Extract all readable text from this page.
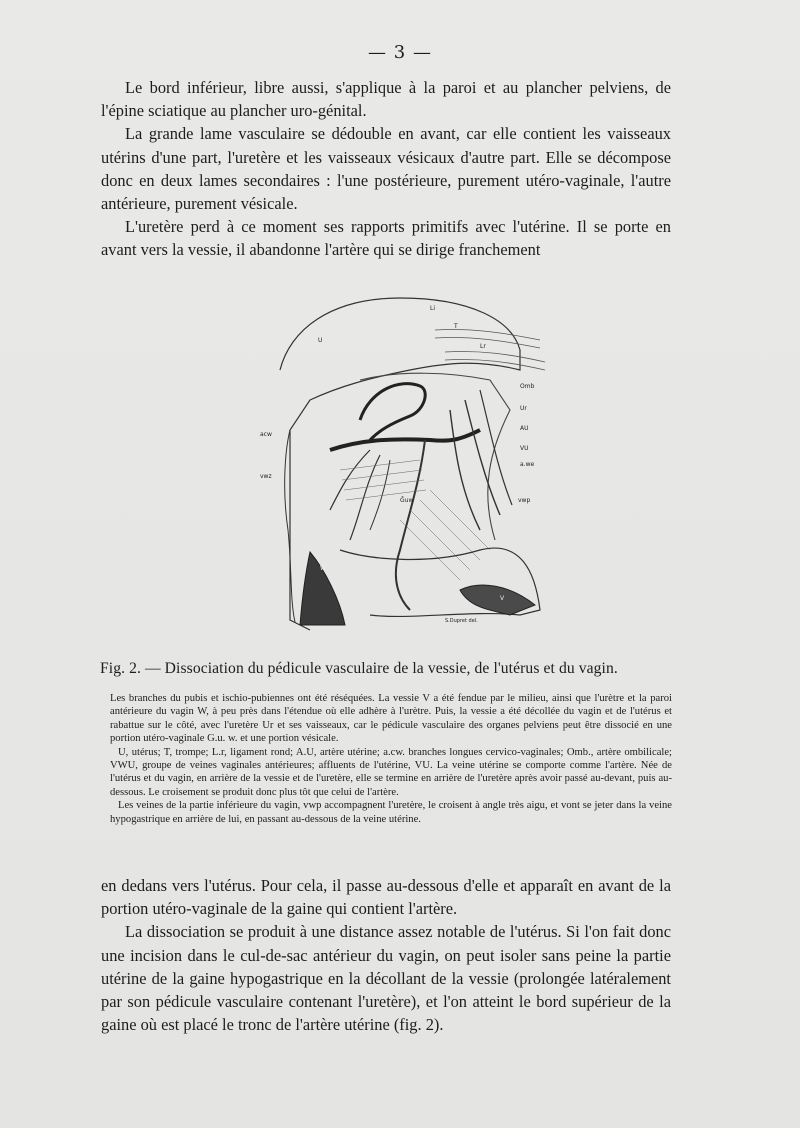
— 3 —

Le bord inférieur, libre aussi, s'applique à la paroi et au plancher pelviens, de l'épine sciatique au plancher uro-génital.

La grande lame vasculaire se dédouble en avant, car elle contient les vaisseaux utérins d'une part, l'uretère et les vaisseaux vésicaux d'autre part. Elle se décompose donc en deux lames secondaires : l'une postérieure, purement utéro-vaginale, l'autre antérieure, purement vésicale.

L'uretère perd à ce moment ses rapports primitifs avec l'utérine. Il se porte en avant vers la vessie, il abandonne l'artère qui se dirige franchement

Li
T
U
Lr
Omb
Ur
AU
VU
a.we
acw
vwz
Ĝuw	vwp
W
V
S.Dupret del.
Fig. 2. — Dissociation du pédicule vasculaire de la vessie, de l'utérus et du vagin.

Les branches du pubis et ischio-pubiennes ont été réséquées. La vessie V a été fendue par le milieu, ainsi que l'urètre et la paroi antérieure du vagin W, à peu près dans l'étendue où elle adhère à l'urètre. Puis, la vessie a été décollée du vagin et de l'utérus et rabattue sur le côté, avec l'uretère Ur et ses vaisseaux, car le pédicule vasculaire des organes pelviens peut être dissocié en une portion utéro-vaginale G.u. w. et une portion vésicale.

U, utérus; T, trompe; L.r, ligament rond; A.U, artère utérine; a.cw. branches longues cervico-vaginales; Omb., artère ombilicale; VWU, groupe de veines vaginales antérieures; affluents de l'utérine, VU. La veine utérine se comporte comme l'artère. Née de l'utérus et du vagin, en arrière de la vessie et de l'uretère, elle se termine en arrière de l'uretère après avoir passé au-devant, puis au-dessous. Le croisement se produit donc plus tôt que celui de l'artère.

Les veines de la partie inférieure du vagin, vwp accompagnent l'uretère, le croisent à angle très aigu, et vont se jeter dans la veine hypogastrique en arrière de lui, en passant au-dessous de la veine utérine.

en dedans vers l'utérus. Pour cela, il passe au-dessous d'elle et apparaît en avant de la portion utéro-vaginale de la gaine qui contient l'artère.

La dissociation se produit à une distance assez notable de l'utérus. Si l'on fait donc une incision dans le cul-de-sac antérieur du vagin, on peut isoler sans peine la partie utérine de la gaine hypogastrique en la décollant de la vessie (prolongée latéralement par son pédicule vasculaire contenant l'uretère), et l'on atteint le bord supérieur de la gaine où est placé le tronc de l'artère utérine (fig. 2).
